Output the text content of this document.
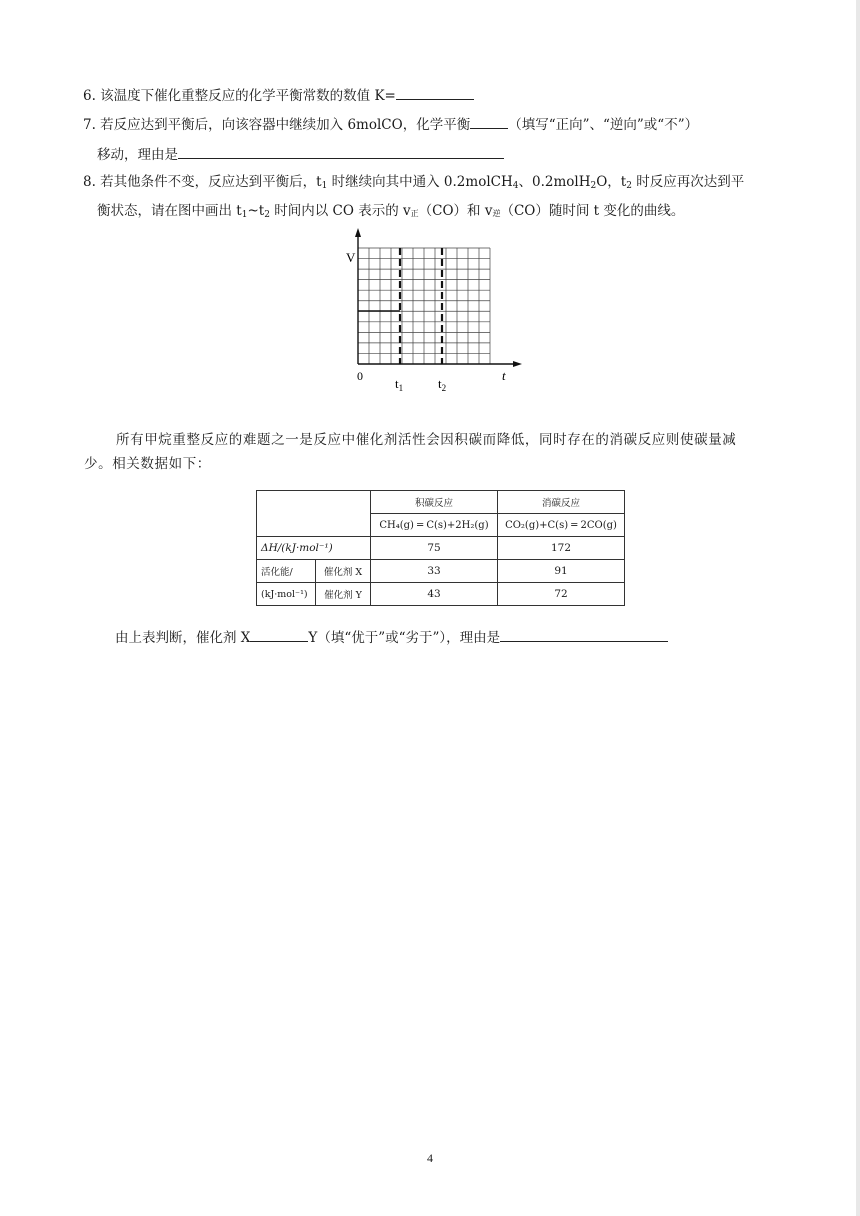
6. 该温度下催化重整反应的化学平衡常数的数值 K=
7. 若反应达到平衡后，向该容器中继续加入 6molCO，化学平衡	（填写“正向”、“逆向”或“不”）
移动，理由是
8. 若其他条件不变，反应达到平衡后，$t_1$ 时继续向其中通入 0.2molCH$_4$、0.2molH$_2$O，$t_2$ 时反应再次达到平
衡状态，请在图中画出 $t_1\sim t_2$ 时间内以 CO 表示的 v正（CO）和 v逆（CO）随时间 t 变化的曲线。
V
0 $t_1$	$t_2$
t
所有甲烷重整反应的难题之一是反应中催化剂活性会因积碳而降低，同时存在的消碳反应则使碳量减
少。相关数据如下：
		积碳反应	消碳反应
		CH₄(g) ═ C(s)+2H₂(g)	CO₂(g)+C(s) ═ 2CO(g)
ΔH/(kJ·mol⁻¹)		75	172
活化能/	催化剂 X	33	91
(kJ·mol⁻¹)	催化剂 Y	43	72
由上表判断，催化剂 X	Y（填“优于”或“劣于”），理由是
4
